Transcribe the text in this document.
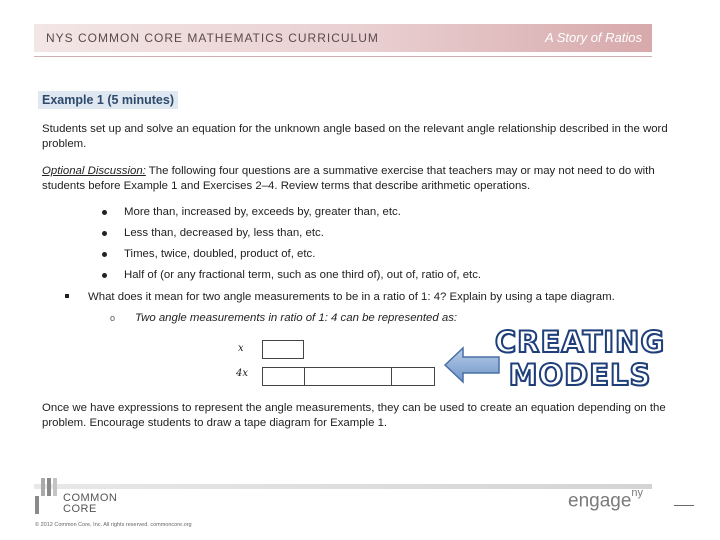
NYS COMMON CORE MATHEMATICS CURRICULUM	A Story of Ratios
Example 1 (5 minutes)
Students set up and solve an equation for the unknown angle based on the relevant angle relationship described in the word problem.
Optional Discussion: The following four questions are a summative exercise that teachers may or may not need to do with students before Example 1 and Exercises 2–4. Review terms that describe arithmetic operations.
More than, increased by, exceeds by, greater than, etc.
Less than, decreased by, less than, etc.
Times, twice, doubled, product of, etc.
Half of (or any fractional term, such as one third of), out of, ratio of, etc.
What does it mean for two angle measurements to be in a ratio of 1: 4? Explain by using a tape diagram.
o Two angle measurements in ratio of 1: 4 can be represented as:
x
4x
CREATING
MODELS
Once we have expressions to represent the angle measurements, they can be used to create an equation depending on the problem. Encourage students to draw a tape diagram for Example 1.
COMMON
CORE
© 2012 Common Core, Inc. All rights reserved. commoncore.org
engage$^{ny}$
